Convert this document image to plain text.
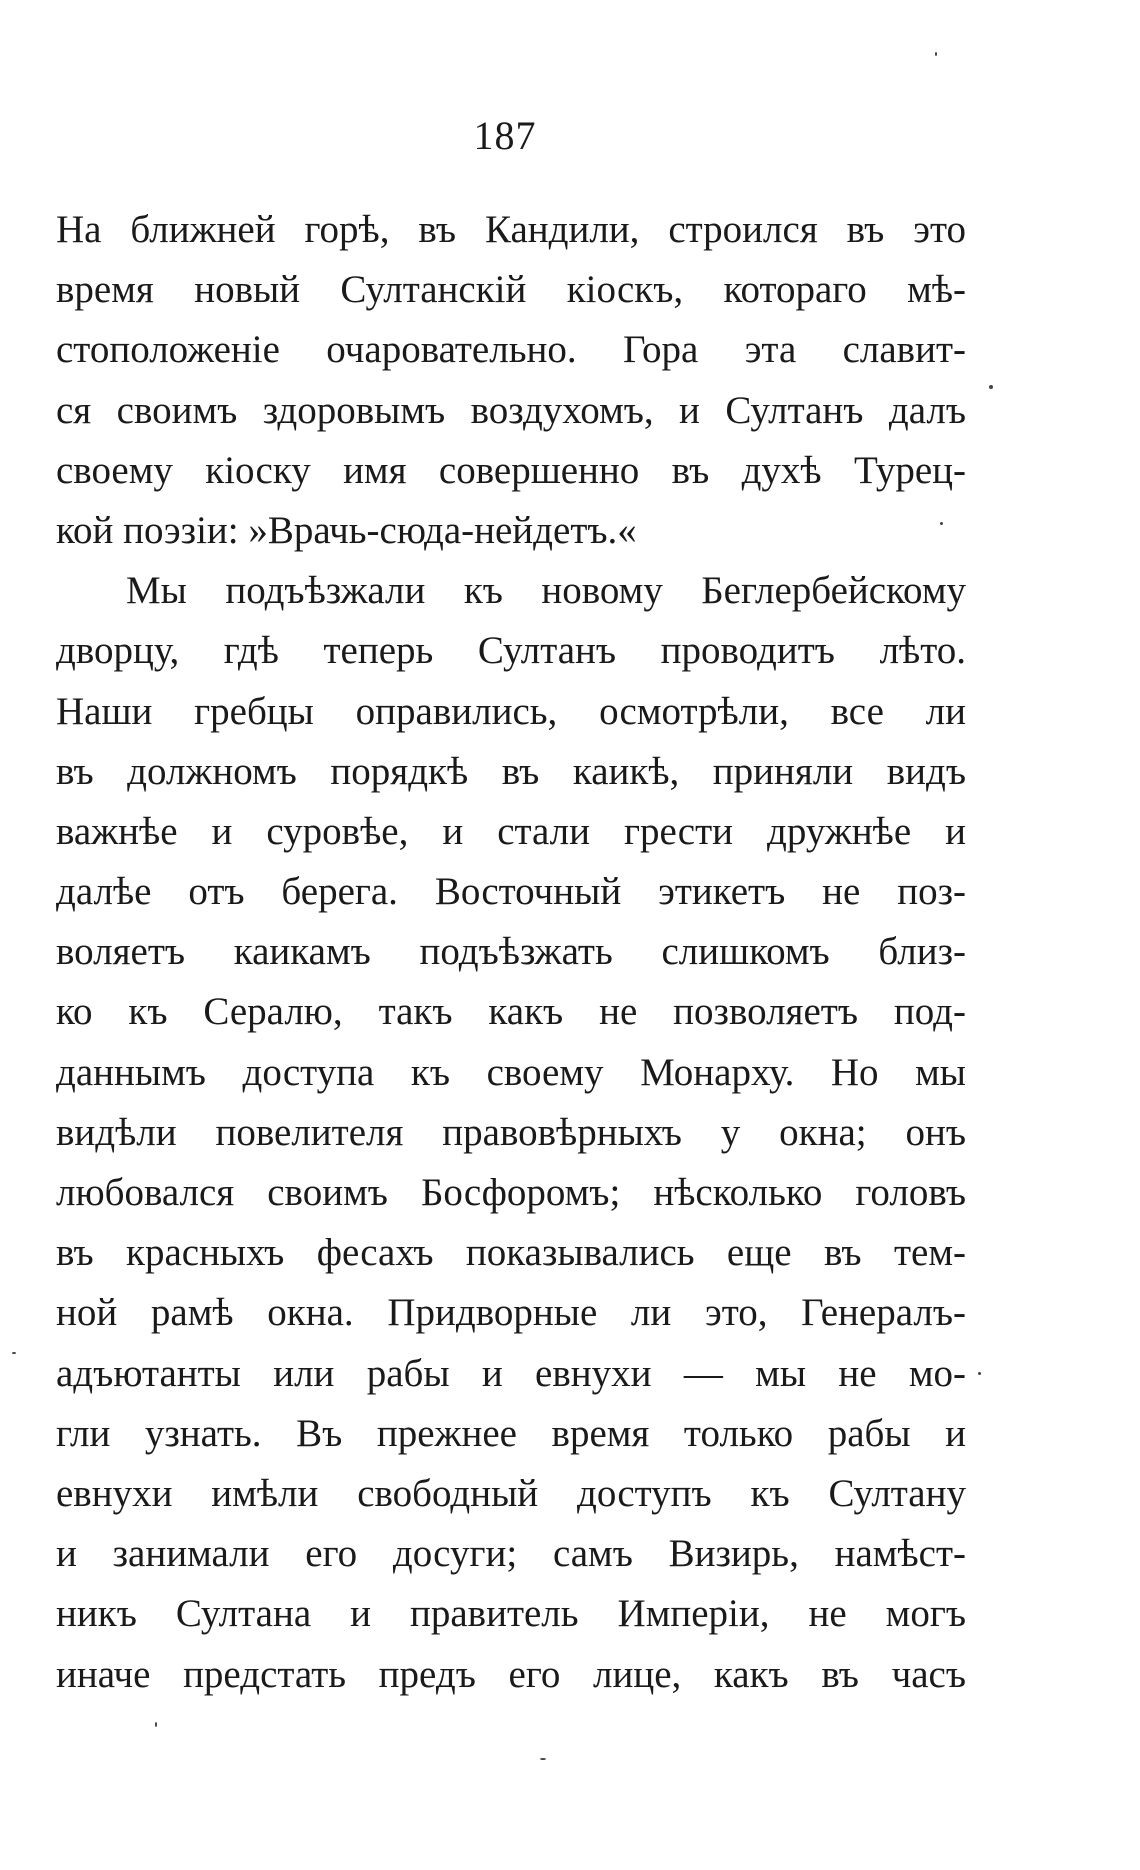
187
На ближней горѣ, въ Кандили, строился въ это
время новый Султанскій кіоскъ, котораго мѣ-
стоположеніе очаровательно. Гора эта славит-
ся своимъ здоровымъ воздухомъ, и Султанъ далъ
своему кіоску имя совершенно въ духѣ Турец-
кой поэзіи: »Врачь-сюда-нейдетъ.«
Мы подъѣзжали къ новому Беглербейскому
дворцу, гдѣ теперь Султанъ проводитъ лѣто.
Наши гребцы оправились, осмотрѣли, все ли
въ должномъ порядкѣ въ каикѣ, приняли видъ
важнѣе и суровѣе, и стали грести дружнѣе и
далѣе отъ берега. Восточный этикетъ не поз-
воляетъ каикамъ подъѣзжать слишкомъ близ-
ко къ Сералю, такъ какъ не позволяетъ под-
даннымъ доступа къ своему Монарху. Но мы
видѣли повелителя правовѣрныхъ у окна; онъ
любовался своимъ Босфоромъ; нѣсколько головъ
въ красныхъ фесахъ показывались еще въ тем-
ной рамѣ окна. Придворные ли это, Генералъ-
адъютанты или рабы и евнухи — мы не мо-
гли узнать. Въ прежнее время только рабы и
евнухи имѣли свободный доступъ къ Султану
и занимали его досуги; самъ Визирь, намѣст-
никъ Султана и правитель Имперіи, не могъ
иначе предстать предъ его лице, какъ въ часъ
